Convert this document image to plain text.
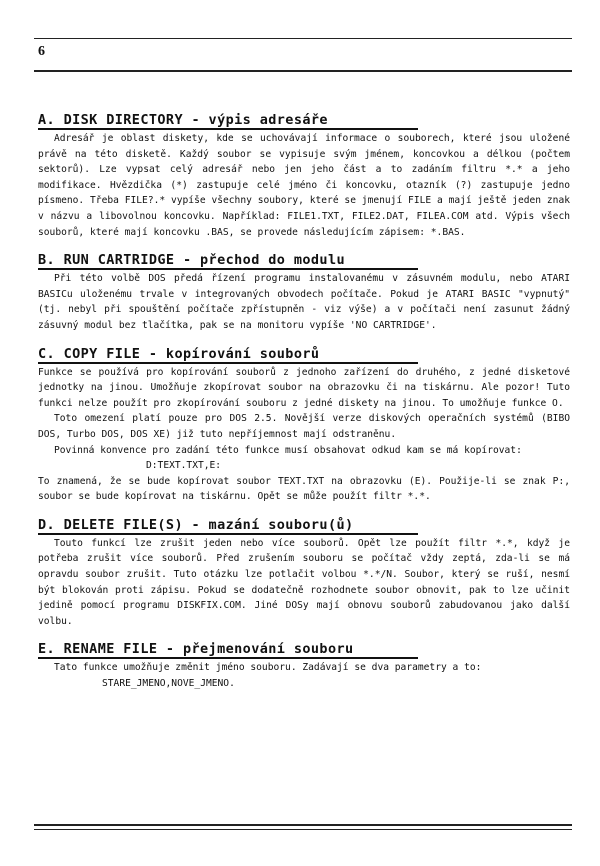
6
A. DISK DIRECTORY - výpis adresáře

Adresář je oblast diskety, kde se uchovávají informace o souborech, které jsou uložené právě na této disketě. Každý soubor se vypisuje svým jménem, koncovkou a délkou (počtem sektorů). Lze vypsat celý adresář nebo jen jeho část a to zadáním filtru *.* a jeho modifikace. Hvězdička (*) zastupuje celé jméno či koncovku, otazník (?) zastupuje jedno písmeno. Třeba FILE?.* vypíše všechny soubory, které se jmenují FILE a mají ještě jeden znak v názvu a libovolnou koncovku. Například: FILE1.TXT, FILE2.DAT, FILEA.COM atd. Výpis všech souborů, které mají koncovku .BAS, se provede následujícím zápisem: *.BAS.

B. RUN CARTRIDGE - přechod do modulu

Při této volbě DOS předá řízení programu instalovanému v zásuvném modulu, nebo ATARI BASICu uloženému trvale v integrovaných obvodech počítače. Pokud je ATARI BASIC "vypnutý" (tj. nebyl při spouštění počítače zpřístupněn - viz výše) a v počítači není zasunut žádný zásuvný modul bez tlačítka, pak se na monitoru vypíše 'NO CARTRIDGE'.

C. COPY FILE - kopírování souborů

Funkce se používá pro kopírování souborů z jednoho zařízení do druhého, z jedné disketové jednotky na jinou. Umožňuje zkopírovat soubor na obrazovku či na tiskárnu. Ale pozor! Tuto funkci nelze použít pro zkopírování souboru z jedné diskety na jinou. To umožňuje funkce O.

Toto omezení platí pouze pro DOS 2.5. Novější verze diskových operačních systémů (BIBO DOS, Turbo DOS, DOS XE) již tuto nepříjemnost mají odstraněnu.

Povinná konvence pro zadání této funkce musí obsahovat odkud kam se má kopírovat:

D:TEXT.TXT,E:

To znamená, že se bude kopírovat soubor TEXT.TXT na obrazovku (E). Použije-li se znak P:, soubor se bude kopírovat na tiskárnu. Opět se může použít filtr *.*.

D. DELETE FILE(S) - mazání souboru(ů)

Touto funkcí lze zrušit jeden nebo více souborů. Opět lze použít filtr *.*, když je potřeba zrušit více souborů. Před zrušením souboru se počítač vždy zeptá, zda-li se má opravdu soubor zrušit. Tuto otázku lze potlačit volbou *.*/N. Soubor, který se ruší, nesmí být blokován proti zápisu. Pokud se dodatečně rozhodnete soubor obnovit, pak to lze učinit jedině pomocí programu DISKFIX.COM. Jiné DOSy mají obnovu souborů zabudovanou jako další volbu.

E. RENAME FILE - přejmenování souboru

Tato funkce umožňuje změnit jméno souboru. Zadávají se dva parametry a to:

STARE_JMENO,NOVE_JMENO.
